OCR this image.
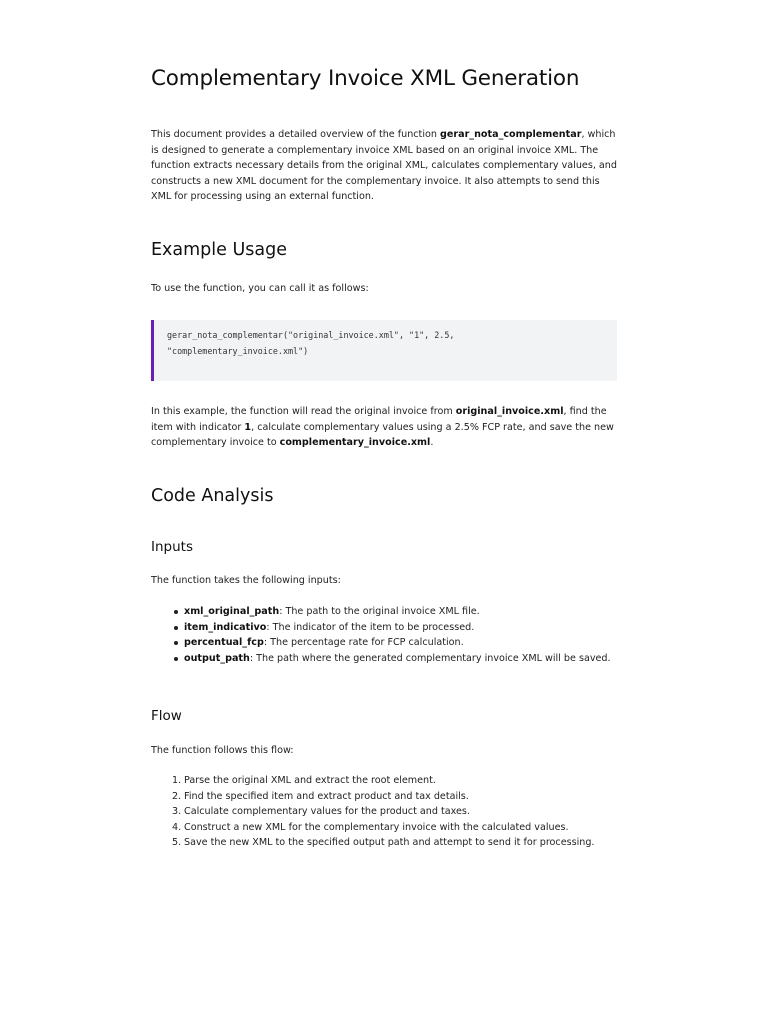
Complementary Invoice XML Generation

This document provides a detailed overview of the function gerar_nota_complementar, which is designed to generate a complementary invoice XML based on an original invoice XML. The function extracts necessary details from the original XML, calculates complementary values, and constructs a new XML document for the complementary invoice. It also attempts to send this XML for processing using an external function.

Example Usage

To use the function, you can call it as follows:

gerar_nota_complementar("original_invoice.xml", "1", 2.5,
"complementary_invoice.xml")

In this example, the function will read the original invoice from original_invoice.xml, find the item with indicator 1, calculate complementary values using a 2.5% FCP rate, and save the new complementary invoice to complementary_invoice.xml.

Code Analysis
Inputs

The function takes the following inputs:

xml_original_path: The path to the original invoice XML file.
item_indicativo: The indicator of the item to be processed.
percentual_fcp: The percentage rate for FCP calculation.
output_path: The path where the generated complementary invoice XML will be saved.
Flow

The function follows this flow:

1. Parse the original XML and extract the root element.
2. Find the specified item and extract product and tax details.
3. Calculate complementary values for the product and taxes.
4. Construct a new XML for the complementary invoice with the calculated values.
5. Save the new XML to the specified output path and attempt to send it for processing.
